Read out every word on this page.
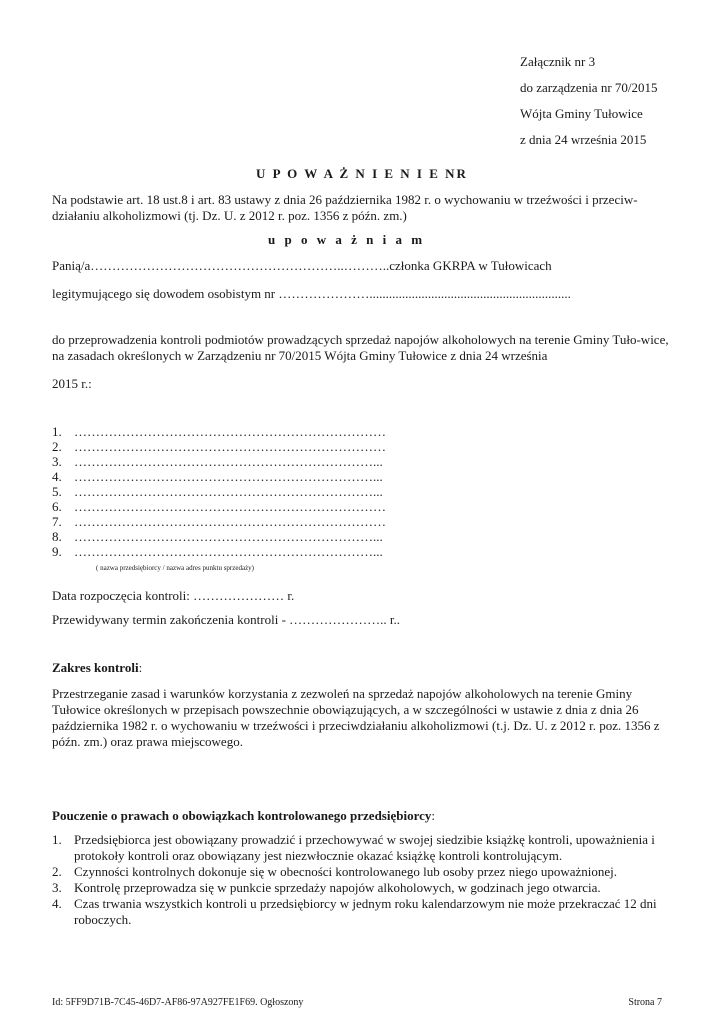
Załącznik nr 3
do zarządzenia nr 70/2015
Wójta Gminy Tułowice
z dnia 24 września 2015
U P O W A Ż N I E N I E NR
Na podstawie art. 18 ust.8 i art. 83 ustawy z dnia 26 października 1982 r. o wychowaniu w trzeźwości i przeciw-działaniu alkoholizmowi (tj. Dz. U. z 2012 r. poz. 1356 z późn. zm.)
u p o w a ż n i a m
Panią/a…………………………………………………..………..członka GKRPA w Tułowicach
legitymującego się dowodem osobistym nr …………………..............................................................
do przeprowadzenia kontroli podmiotów prowadzących sprzedaż napojów alkoholowych na terenie Gminy Tuło-wice, na zasadach określonych w Zarządzeniu nr 70/2015 Wójta Gminy Tułowice z dnia 24 września
2015 r.:
1. ………………………………………………………………
2. ………………………………………………………………
3. ……………………………………………………………...
4. ……………………………………………………………...
5. ……………………………………………………………...
6. ………………………………………………………………
7. ………………………………………………………………
8. ……………………………………………………………...
9. ……………………………………………………………...
( nazwa przedsiębiorcy / nazwa adres punktu sprzedaży)
Data rozpoczęcia kontroli: ………………… r.
Przewidywany termin zakończenia kontroli - ………………….. r..
Zakres kontroli:
Przestrzeganie zasad i warunków korzystania z zezwoleń na sprzedaż napojów alkoholowych na terenie Gminy Tułowice określonych w przepisach powszechnie obowiązujących, a w szczególności w ustawie z dnia z dnia 26 października 1982 r. o wychowaniu w trzeźwości i przeciwdziałaniu alkoholizmowi (t.j. Dz. U. z 2012 r. poz. 1356 z późn. zm.) oraz prawa miejscowego.
Pouczenie o prawach o obowiązkach kontrolowanego przedsiębiorcy:
1. Przedsiębiorca jest obowiązany prowadzić i przechowywać w swojej siedzibie książkę kontroli, upoważnienia i protokoły kontroli oraz obowiązany jest niezwłocznie okazać książkę kontroli kontrolującym.
2. Czynności kontrolnych dokonuje się w obecności kontrolowanego lub osoby przez niego upoważnionej.
3. Kontrolę przeprowadza się w punkcie sprzedaży napojów alkoholowych, w godzinach jego otwarcia.
4. Czas trwania wszystkich kontroli u przedsiębiorcy w jednym roku kalendarzowym nie może przekraczać 12 dni roboczych.
Id: 5FF9D71B-7C45-46D7-AF86-97A927FE1F69. Ogłoszony	Strona 7
